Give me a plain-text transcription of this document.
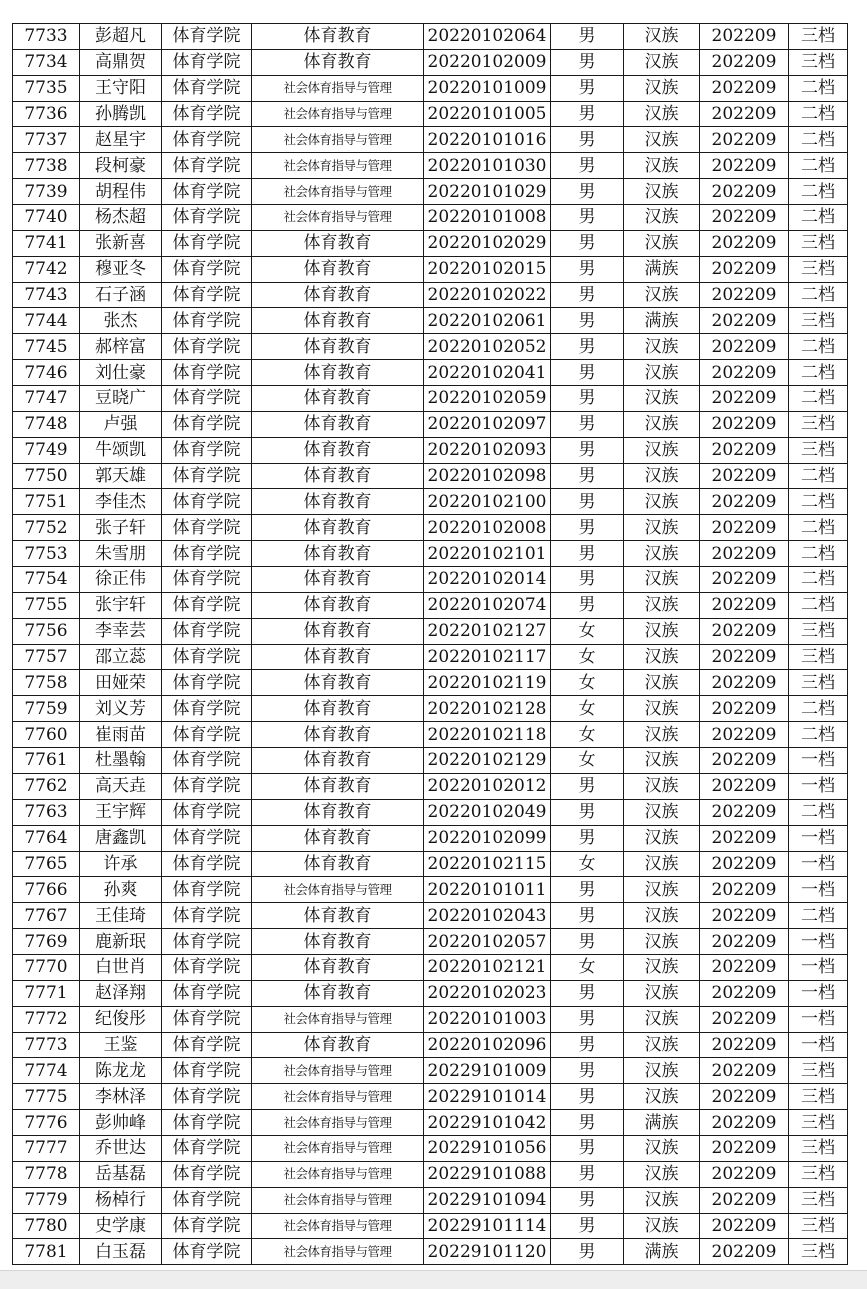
7733	彭超凡	体育学院	体育教育	20220102064	男	汉族	202209	三档
7734	高鼎贺	体育学院	体育教育	20220102009	男	汉族	202209	三档
7735	王守阳	体育学院	社会体育指导与管理	20220101009	男	汉族	202209	二档
7736	孙腾凯	体育学院	社会体育指导与管理	20220101005	男	汉族	202209	二档
7737	赵星宇	体育学院	社会体育指导与管理	20220101016	男	汉族	202209	二档
7738	段柯豪	体育学院	社会体育指导与管理	20220101030	男	汉族	202209	二档
7739	胡程伟	体育学院	社会体育指导与管理	20220101029	男	汉族	202209	二档
7740	杨杰超	体育学院	社会体育指导与管理	20220101008	男	汉族	202209	二档
7741	张新喜	体育学院	体育教育	20220102029	男	汉族	202209	三档
7742	穆亚冬	体育学院	体育教育	20220102015	男	满族	202209	三档
7743	石子涵	体育学院	体育教育	20220102022	男	汉族	202209	二档
7744	张杰	体育学院	体育教育	20220102061	男	满族	202209	三档
7745	郝梓富	体育学院	体育教育	20220102052	男	汉族	202209	二档
7746	刘仕豪	体育学院	体育教育	20220102041	男	汉族	202209	二档
7747	豆晓广	体育学院	体育教育	20220102059	男	汉族	202209	二档
7748	卢强	体育学院	体育教育	20220102097	男	汉族	202209	三档
7749	牛颂凯	体育学院	体育教育	20220102093	男	汉族	202209	三档
7750	郭天雄	体育学院	体育教育	20220102098	男	汉族	202209	二档
7751	李佳杰	体育学院	体育教育	20220102100	男	汉族	202209	二档
7752	张子轩	体育学院	体育教育	20220102008	男	汉族	202209	二档
7753	朱雪朋	体育学院	体育教育	20220102101	男	汉族	202209	二档
7754	徐正伟	体育学院	体育教育	20220102014	男	汉族	202209	二档
7755	张宇轩	体育学院	体育教育	20220102074	男	汉族	202209	二档
7756	李幸芸	体育学院	体育教育	20220102127	女	汉族	202209	三档
7757	邵立蕊	体育学院	体育教育	20220102117	女	汉族	202209	三档
7758	田娅荣	体育学院	体育教育	20220102119	女	汉族	202209	三档
7759	刘义芳	体育学院	体育教育	20220102128	女	汉族	202209	二档
7760	崔雨苗	体育学院	体育教育	20220102118	女	汉族	202209	二档
7761	杜墨翰	体育学院	体育教育	20220102129	女	汉族	202209	一档
7762	高天垚	体育学院	体育教育	20220102012	男	汉族	202209	一档
7763	王宇辉	体育学院	体育教育	20220102049	男	汉族	202209	二档
7764	唐鑫凯	体育学院	体育教育	20220102099	男	汉族	202209	一档
7765	许承	体育学院	体育教育	20220102115	女	汉族	202209	一档
7766	孙爽	体育学院	社会体育指导与管理	20220101011	男	汉族	202209	一档
7767	王佳琦	体育学院	体育教育	20220102043	男	汉族	202209	二档
7769	鹿新珉	体育学院	体育教育	20220102057	男	汉族	202209	一档
7770	白世肖	体育学院	体育教育	20220102121	女	汉族	202209	一档
7771	赵泽翔	体育学院	体育教育	20220102023	男	汉族	202209	一档
7772	纪俊彤	体育学院	社会体育指导与管理	20220101003	男	汉族	202209	一档
7773	王鉴	体育学院	体育教育	20220102096	男	汉族	202209	一档
7774	陈龙龙	体育学院	社会体育指导与管理	20229101009	男	汉族	202209	三档
7775	李林泽	体育学院	社会体育指导与管理	20229101014	男	汉族	202209	三档
7776	彭帅峰	体育学院	社会体育指导与管理	20229101042	男	满族	202209	三档
7777	乔世达	体育学院	社会体育指导与管理	20229101056	男	汉族	202209	三档
7778	岳基磊	体育学院	社会体育指导与管理	20229101088	男	汉族	202209	三档
7779	杨棹行	体育学院	社会体育指导与管理	20229101094	男	汉族	202209	三档
7780	史学康	体育学院	社会体育指导与管理	20229101114	男	汉族	202209	三档
7781	白玉磊	体育学院	社会体育指导与管理	20229101120	男	满族	202209	三档
